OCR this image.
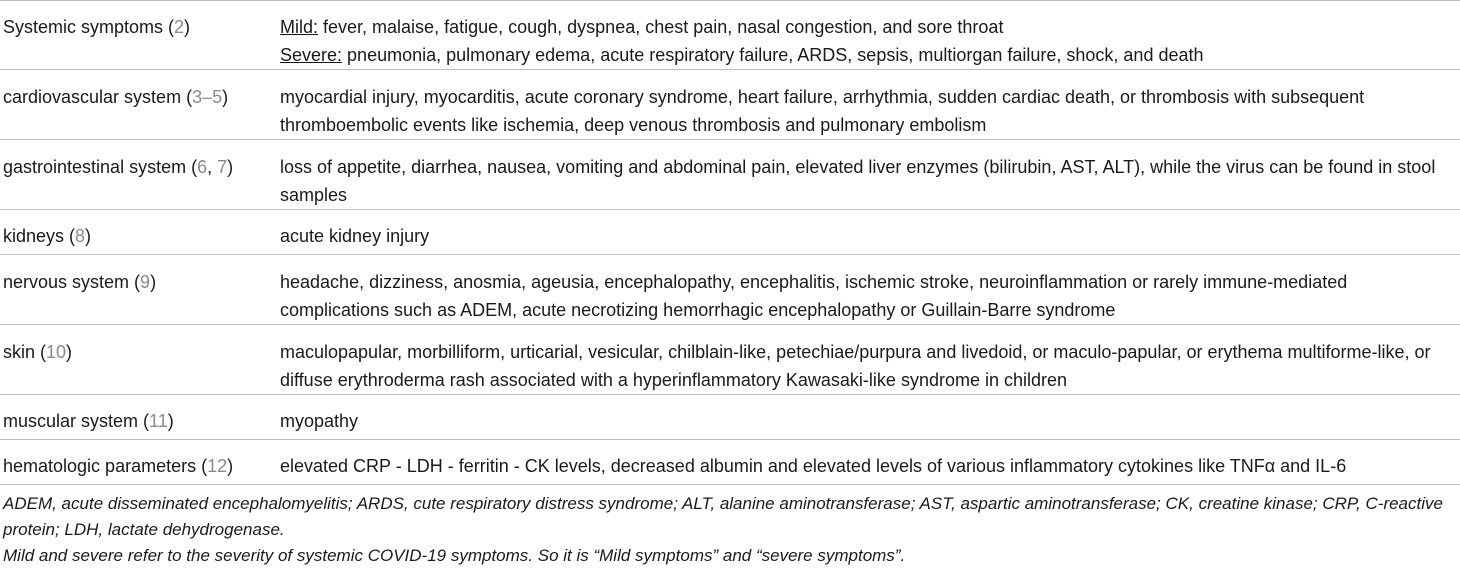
Systemic symptoms (2)	Mild: fever, malaise, fatigue, cough, dyspnea, chest pain, nasal congestion, and sore throat
Severe: pneumonia, pulmonary edema, acute respiratory failure, ARDS, sepsis, multiorgan failure, shock, and death

cardiovascular system (3–5)	myocardial injury, myocarditis, acute coronary syndrome, heart failure, arrhythmia, sudden cardiac death, or thrombosis with subsequent thromboembolic events like ischemia, deep venous thrombosis and pulmonary embolism
gastrointestinal system (6, 7)	loss of appetite, diarrhea, nausea, vomiting and abdominal pain, elevated liver enzymes (bilirubin, AST, ALT), while the virus can be found in stool samples
kidneys (8)	acute kidney injury
nervous system (9)	headache, dizziness, anosmia, ageusia, encephalopathy, encephalitis, ischemic stroke, neuroinflammation or rarely immune-mediated complications such as ADEM, acute necrotizing hemorrhagic encephalopathy or Guillain-Barre syndrome
skin (10)	maculopapular, morbilliform, urticarial, vesicular, chilblain-like, petechiae/purpura and livedoid, or maculo-papular, or erythema multiforme-like, or diffuse erythroderma rash associated with a hyperinflammatory Kawasaki-like syndrome in children
muscular system (11)	myopathy
hematologic parameters (12)	elevated CRP - LDH - ferritin - CK levels, decreased albumin and elevated levels of various inflammatory cytokines like TNFα and IL-6

ADEM, acute disseminated encephalomyelitis; ARDS, cute respiratory distress syndrome; ALT, alanine aminotransferase; AST, aspartic aminotransferase; CK, creatine kinase; CRP, C-reactive protein; LDH, lactate dehydrogenase.

Mild and severe refer to the severity of systemic COVID-19 symptoms. So it is “Mild symptoms” and “severe symptoms”.
